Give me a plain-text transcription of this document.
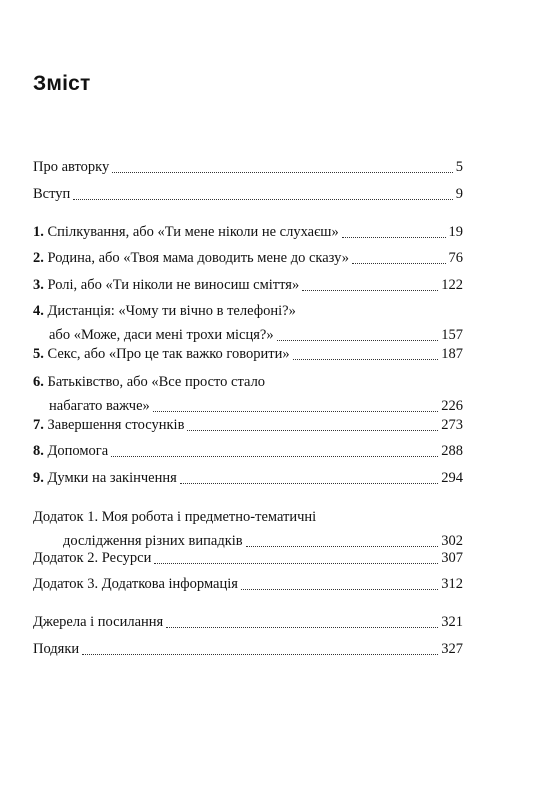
Зміст
Про авторку	5
Вступ	9
1. Спілкування, або «Ти мене ніколи не слухаєш»	19
2. Родина, або «Твоя мама доводить мене до сказу»	76
3. Ролі, або «Ти ніколи не виносиш сміття»	122
4. Дистанція: «Чому ти вічно в телефоні?»
або «Може, даси мені трохи місця?»	157
5. Секс, або «Про це так важко говорити»	187
6. Батьківство, або «Все просто стало
набагато важче»	226
7. Завершення стосунків	273
8. Допомога	288
9. Думки на закінчення	294
Додаток 1. Моя робота і предметно-тематичні
дослідження різних випадків	302
Додаток 2. Ресурси	307
Додаток 3. Додаткова інформація	312
Джерела і посилання	321
Подяки	327
